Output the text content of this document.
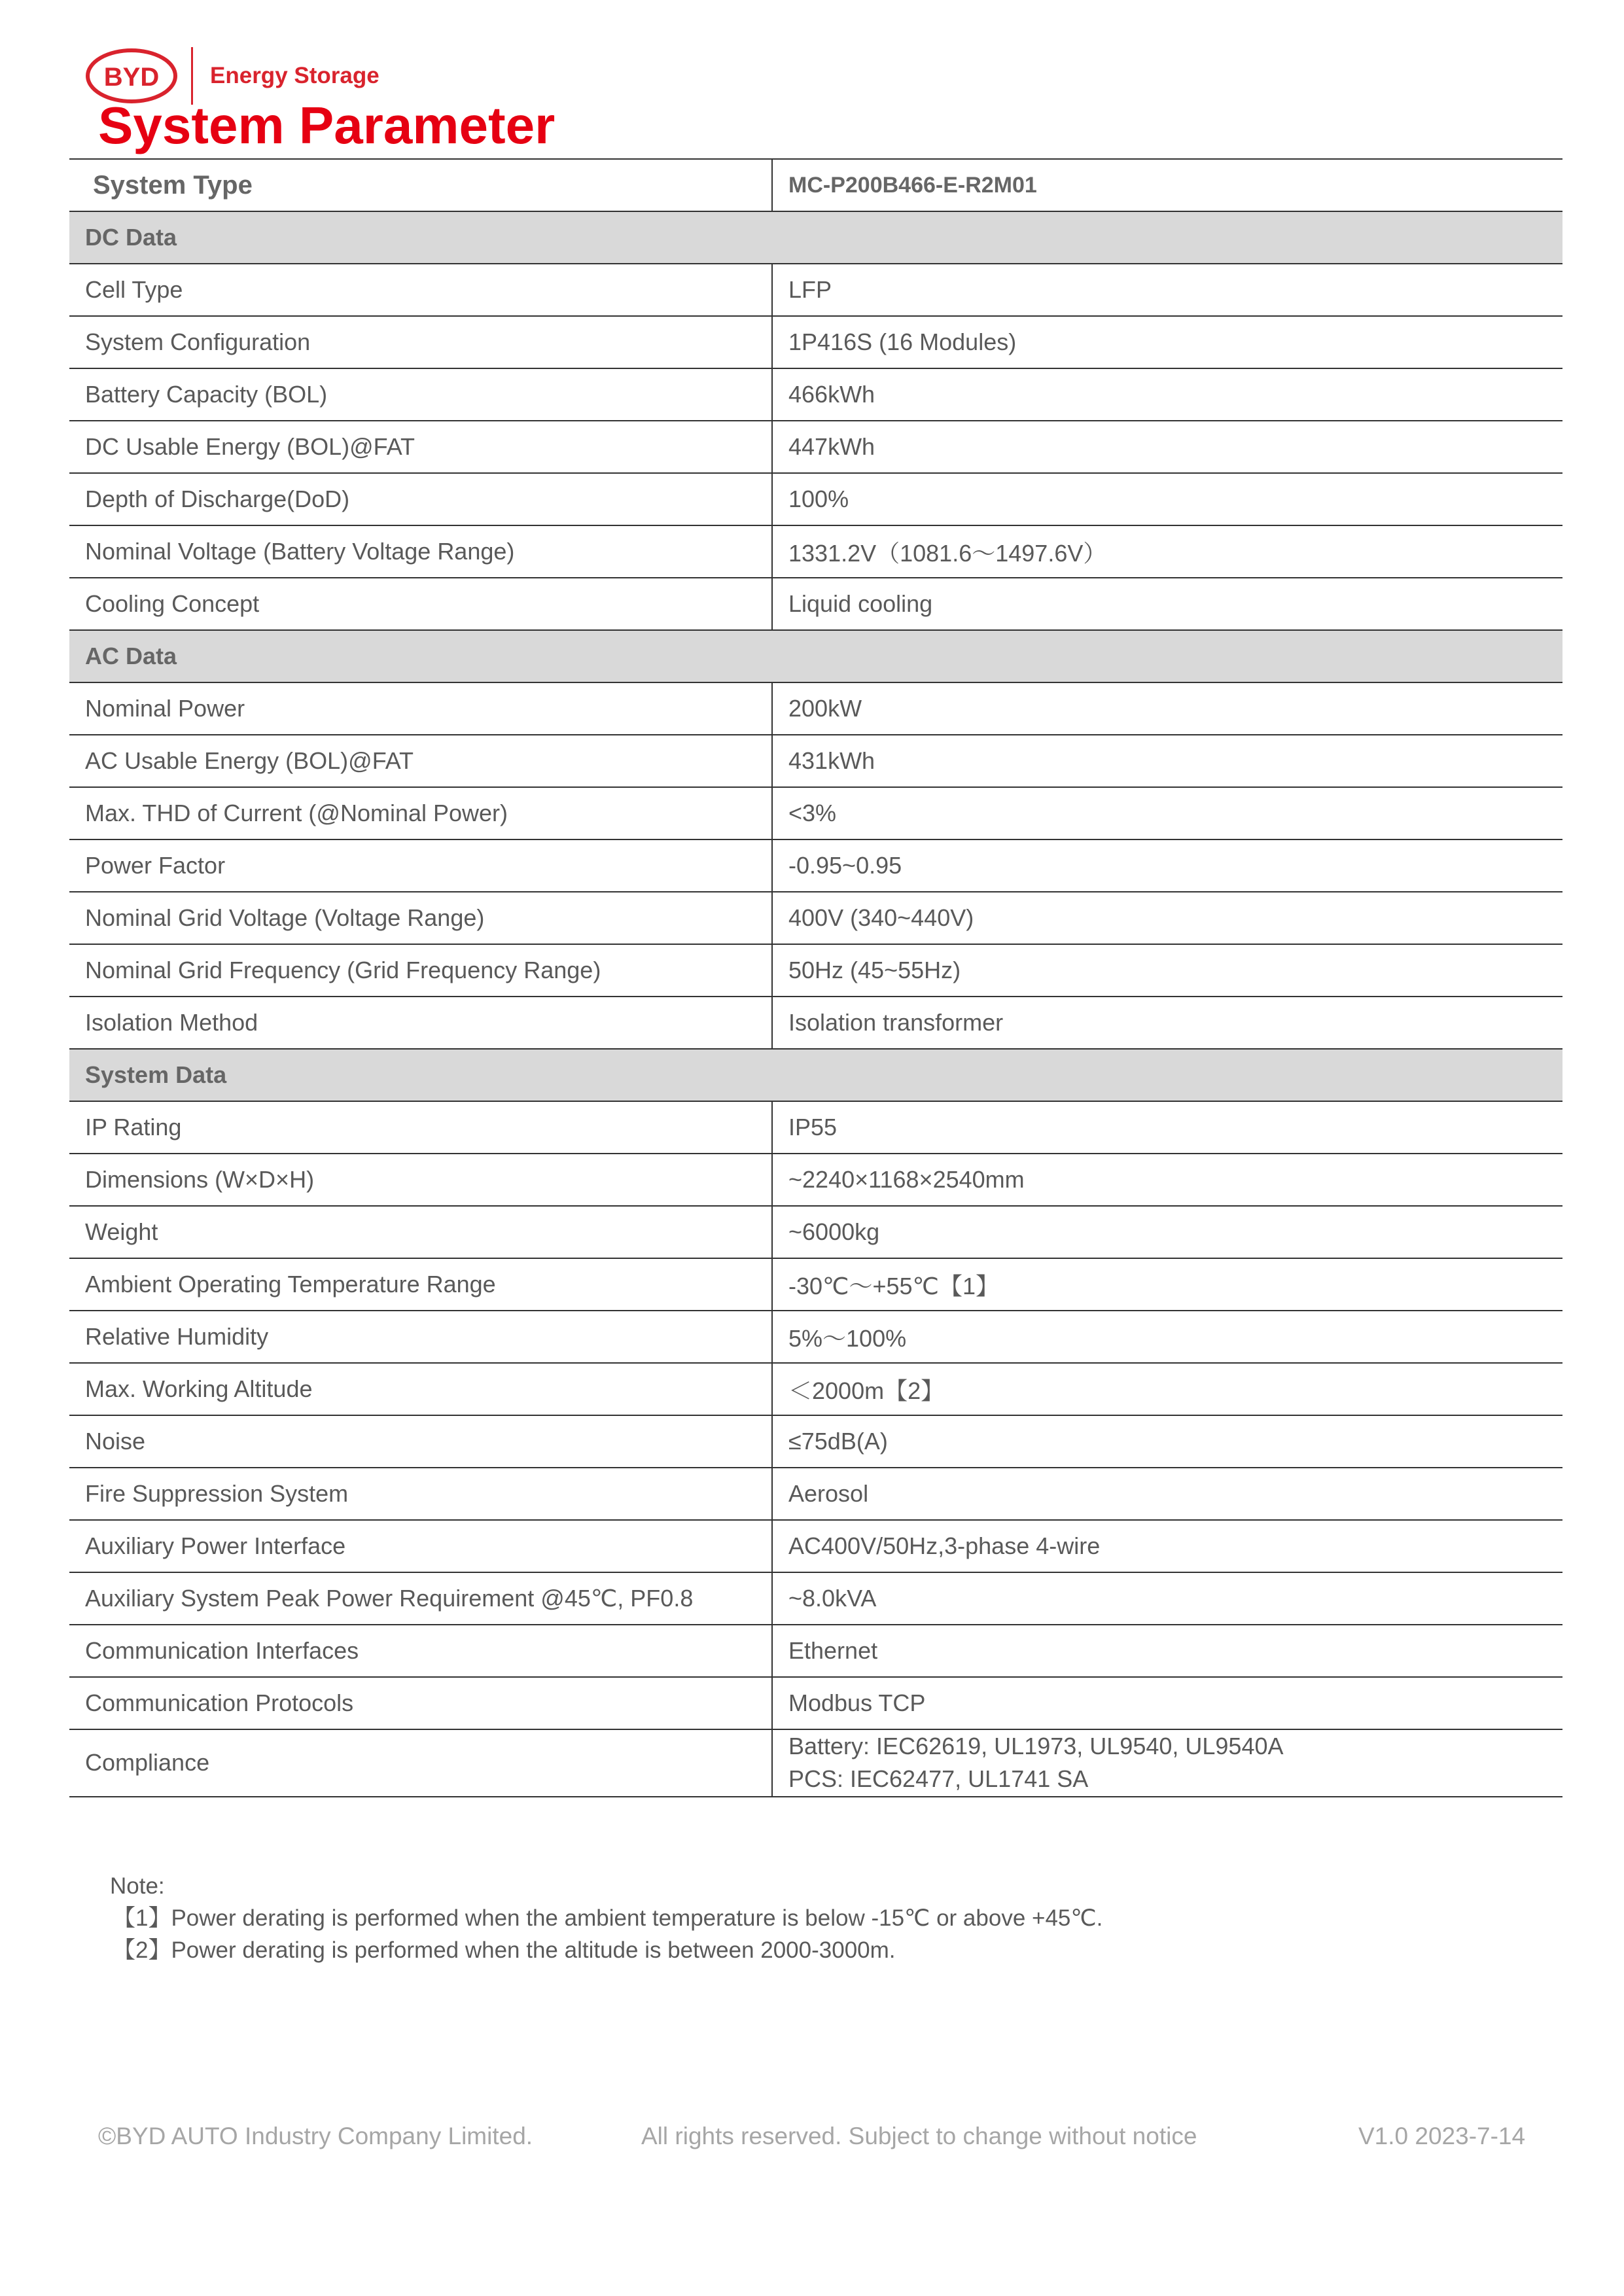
BYD Energy Storage
System Parameter
System Type	MC-P200B466-E-R2M01
DC Data	
Cell Type	LFP
System Configuration	1P416S (16 Modules)
Battery Capacity (BOL)	466kWh
DC Usable Energy (BOL)@FAT	447kWh
Depth of Discharge(DoD)	100%
Nominal Voltage (Battery Voltage Range)	1331.2V（1081.6～1497.6V）
Cooling Concept	Liquid cooling
AC Data	
Nominal Power	200kW
AC Usable Energy (BOL)@FAT	431kWh
Max. THD of Current (@Nominal Power)	<3%
Power Factor	-0.95~0.95
Nominal Grid Voltage (Voltage Range)	400V (340~440V)
Nominal Grid Frequency (Grid Frequency Range)	50Hz (45~55Hz)
Isolation Method	Isolation transformer
System Data	
IP Rating	IP55
Dimensions (W×D×H)	~2240×1168×2540mm
Weight	~6000kg
Ambient Operating Temperature Range	-30℃～+55℃【1】
Relative Humidity	5%～100%
Max. Working Altitude	＜2000m【2】
Noise	≤75dB(A)
Fire Suppression System	Aerosol
Auxiliary Power Interface	AC400V/50Hz,3-phase 4-wire
Auxiliary System Peak Power Requirement @45℃, PF0.8	~8.0kVA
Communication Interfaces	Ethernet
Communication Protocols	Modbus TCP
Compliance	Battery: IEC62619, UL1973, UL9540, UL9540A
PCS: IEC62477, UL1741 SA
Note:
【1】Power derating is performed when the ambient temperature is below -15℃ or above +45℃.
【2】Power derating is performed when the altitude is between 2000-3000m.
©BYD AUTO Industry Company Limited.	All rights reserved. Subject to change without notice	V1.0 2023-7-14
